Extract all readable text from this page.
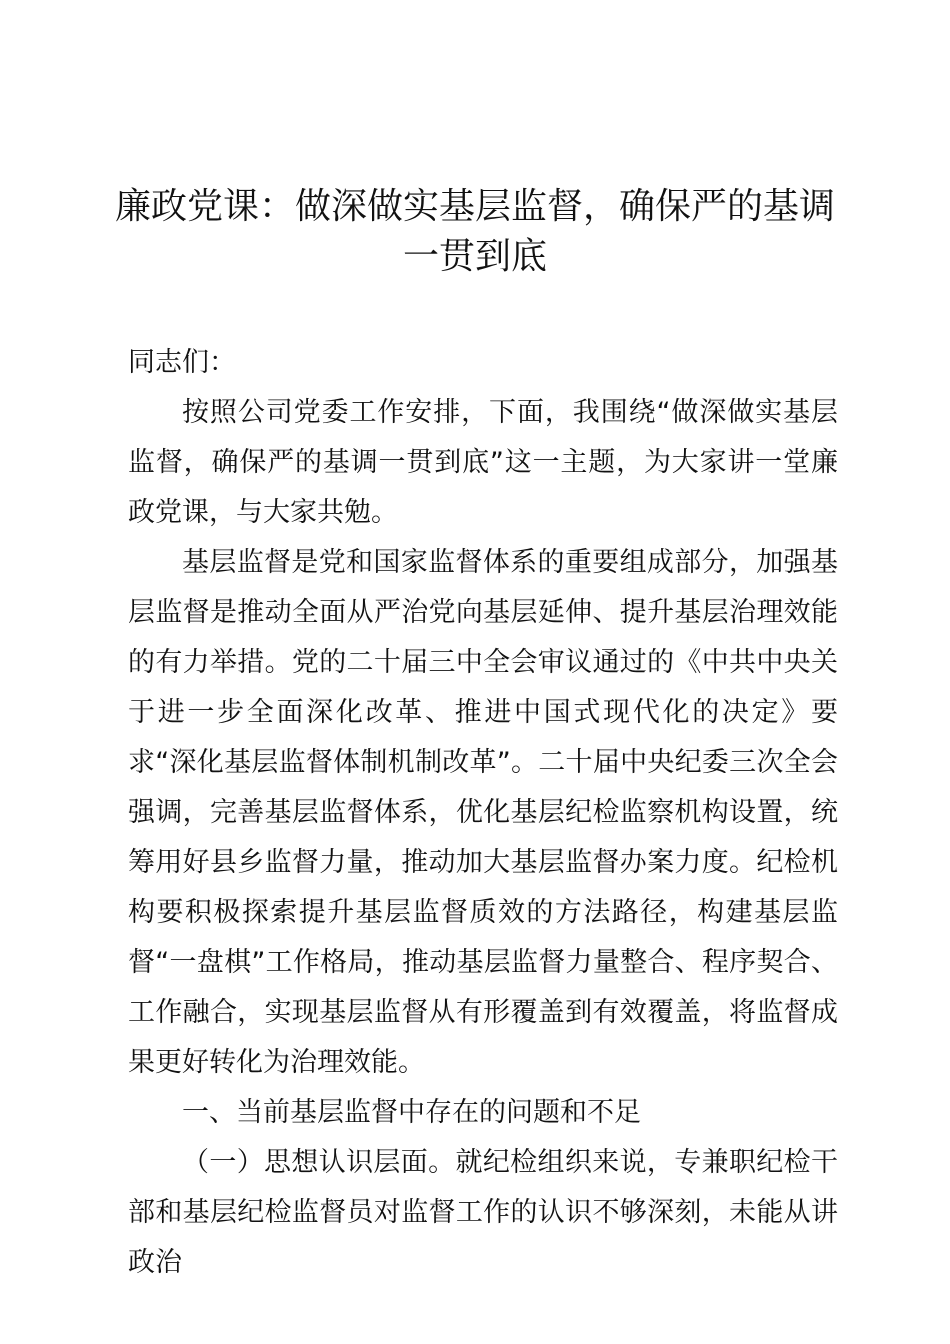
廉政党课：做深做实基层监督，确保严的基调
一贯到底

同志们：

按照公司党委工作安排，下面，我围绕“做深做实基层监督，确保严的基调一贯到底”这一主题，为大家讲一堂廉政党课，与大家共勉。

基层监督是党和国家监督体系的重要组成部分，加强基层监督是推动全面从严治党向基层延伸、提升基层治理效能的有力举措。党的二十届三中全会审议通过的《中共中央关于进一步全面深化改革、推进中国式现代化的决定》要求“深化基层监督体制机制改革”。二十届中央纪委三次全会强调，完善基层监督体系，优化基层纪检监察机构设置，统筹用好县乡监督力量，推动加大基层监督办案力度。纪检机构要积极探索提升基层监督质效的方法路径，构建基层监督“一盘棋”工作格局，推动基层监督力量整合、程序契合、工作融合，实现基层监督从有形覆盖到有效覆盖，将监督成果更好转化为治理效能。

一、当前基层监督中存在的问题和不足

（一）思想认识层面。就纪检组织来说，专兼职纪检干部和基层纪检监督员对监督工作的认识不够深刻，未能从讲政治
